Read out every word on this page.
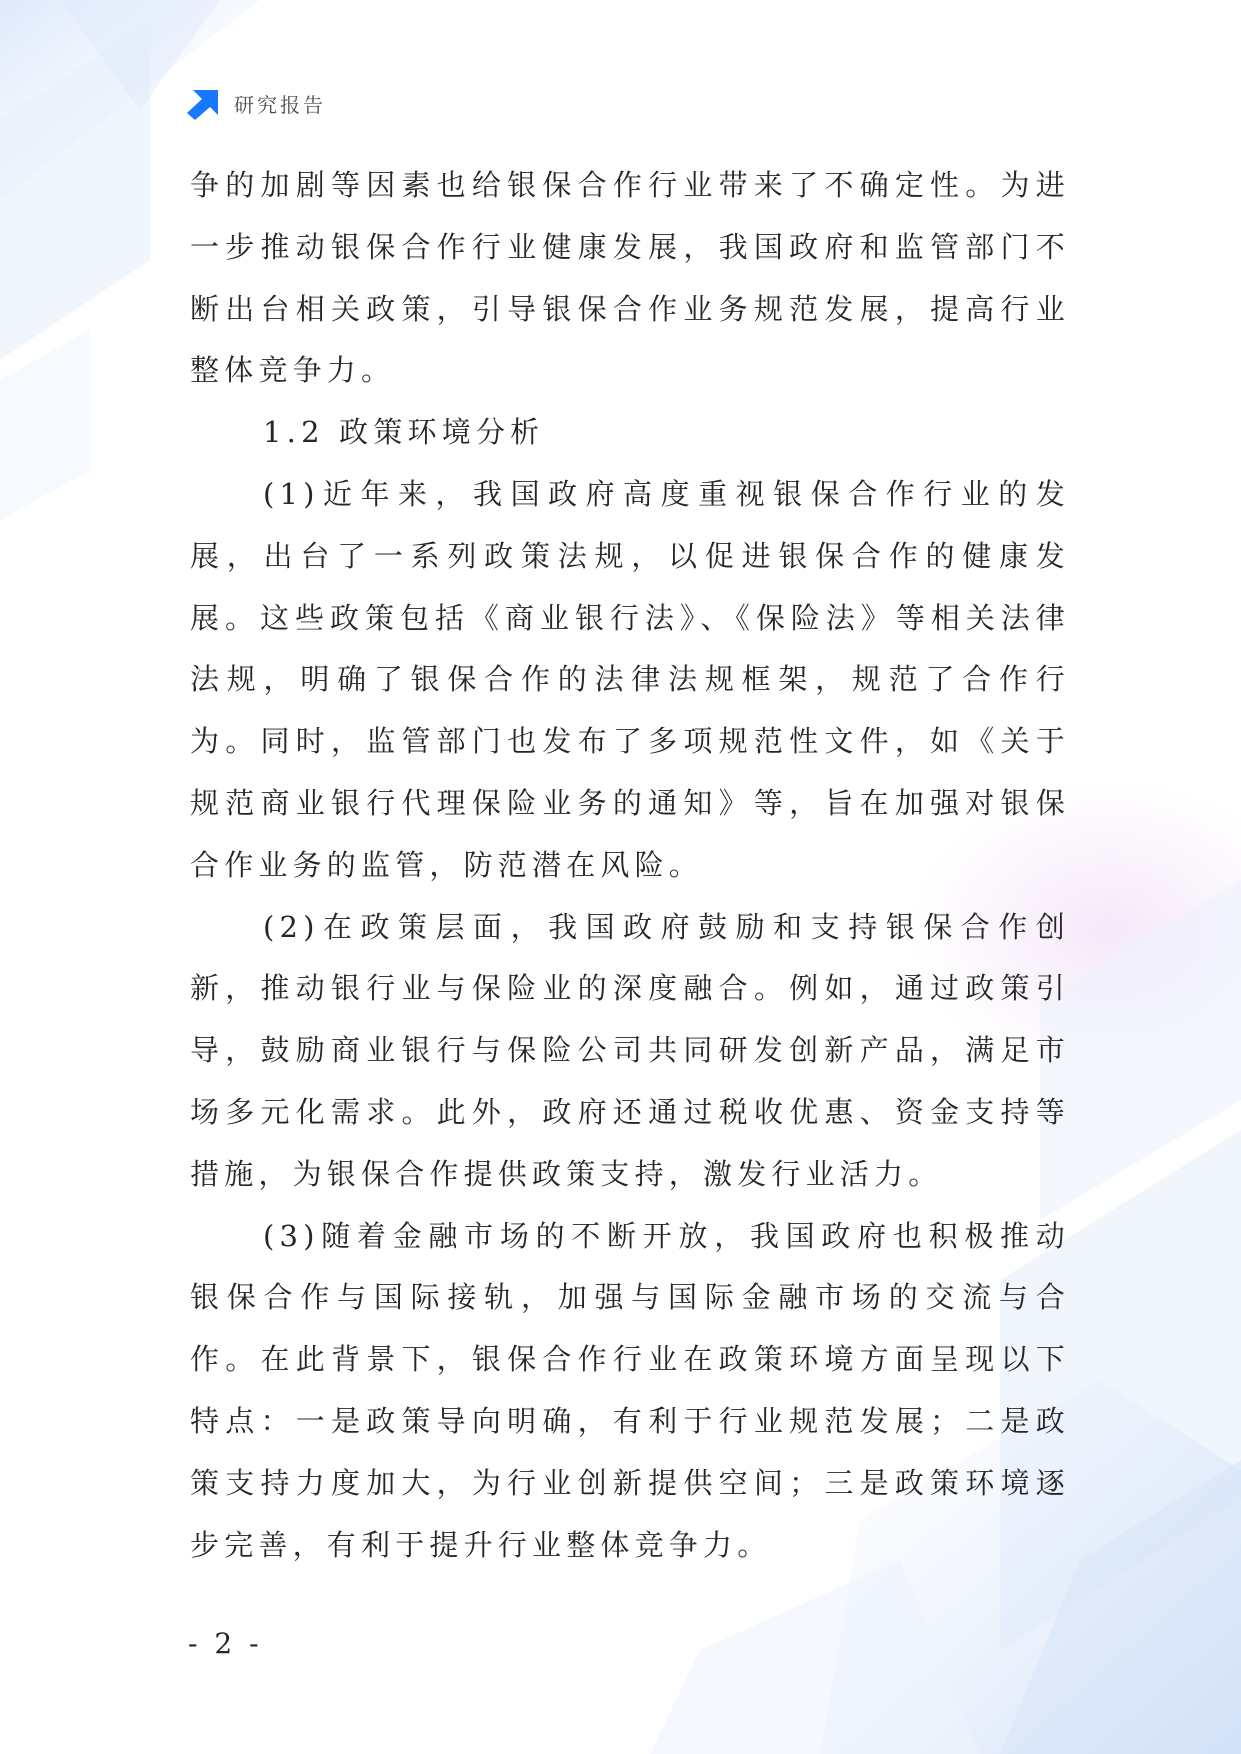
研究报告

争的加剧等因素也给银保合作行业带来了不确定性。为进一步推动银保合作行业健康发展，我国政府和监管部门不断出台相关政策，引导银保合作业务规范发展，提高行业整体竞争力。

1.2 政策环境分析

(1)近年来，我国政府高度重视银保合作行业的发展，出台了一系列政策法规，以促进银保合作的健康发展。这些政策包括《商业银行法》、《保险法》等相关法律法规，明确了银保合作的法律法规框架，规范了合作行为。同时，监管部门也发布了多项规范性文件，如《关于规范商业银行代理保险业务的通知》等，旨在加强对银保合作业务的监管，防范潜在风险。

(2)在政策层面，我国政府鼓励和支持银保合作创新，推动银行业与保险业的深度融合。例如，通过政策引导，鼓励商业银行与保险公司共同研发创新产品，满足市场多元化需求。此外，政府还通过税收优惠、资金支持等措施，为银保合作提供政策支持，激发行业活力。

(3)随着金融市场的不断开放，我国政府也积极推动银保合作与国际接轨，加强与国际金融市场的交流与合作。在此背景下，银保合作行业在政策环境方面呈现以下特点：一是政策导向明确，有利于行业规范发展；二是政策支持力度加大，为行业创新提供空间；三是政策环境逐步完善，有利于提升行业整体竞争力。

- 2 -
